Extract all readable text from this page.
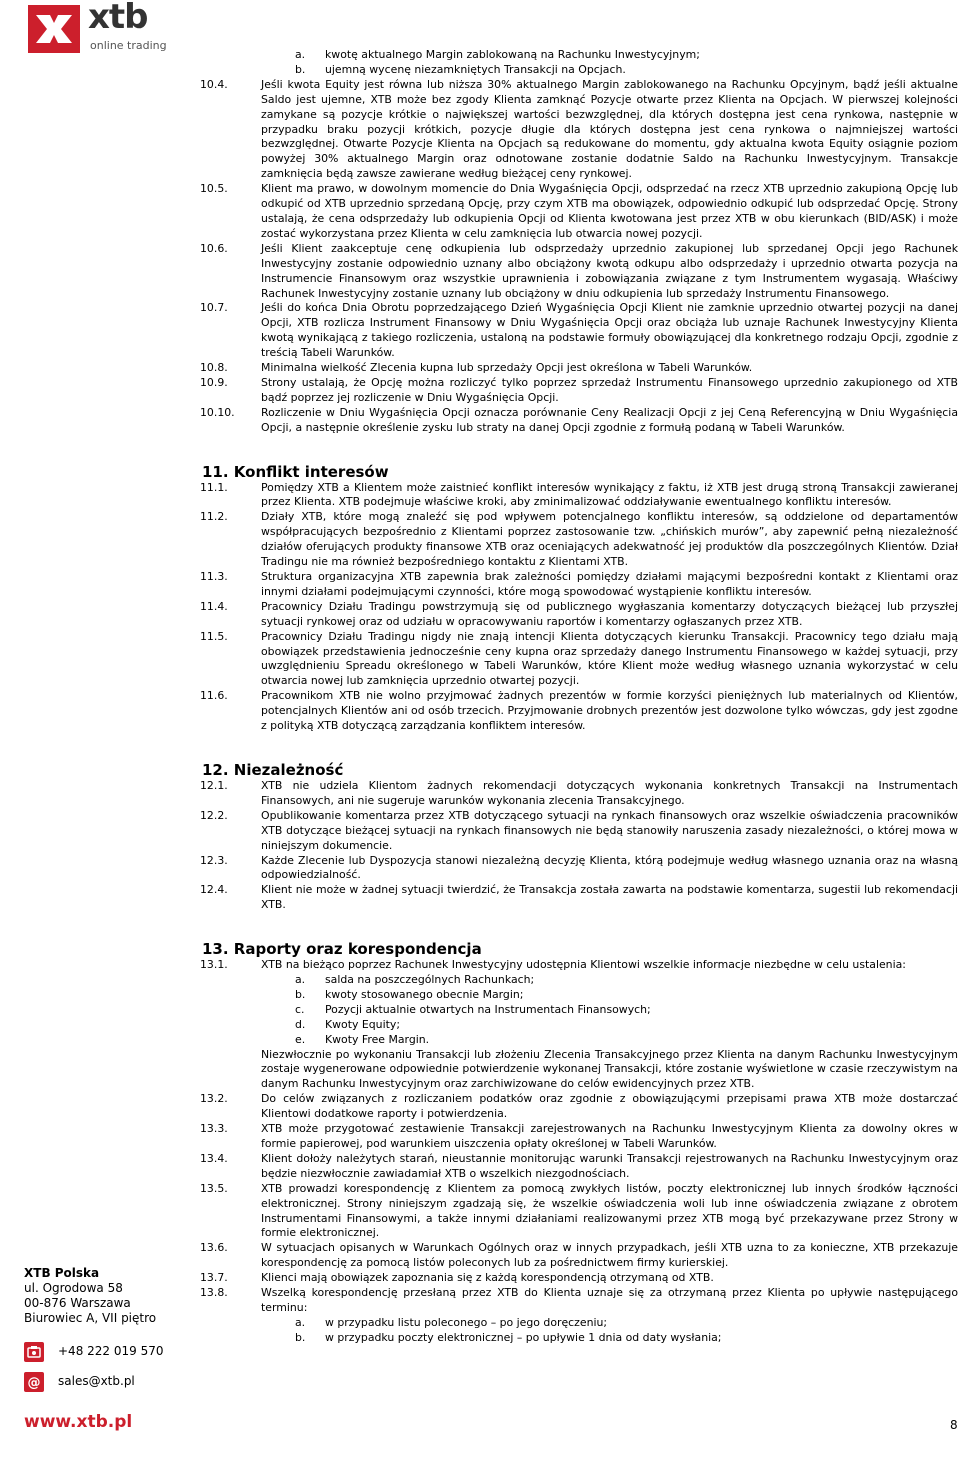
xtb
online trading
a.	kwotę aktualnego Margin zablokowaną na Rachunku Inwestycyjnym;
b.	ujemną wycenę niezamkniętych Transakcji na Opcjach.
10.4.	Jeśli kwota Equity jest równa lub niższa 30% aktualnego Margin zablokowanego na Rachunku Opcyjnym, bądź jeśli aktualne Saldo jest ujemne, XTB może bez zgody Klienta zamknąć Pozycje otwarte przez Klienta na Opcjach. W pierwszej kolejności zamykane są pozycje krótkie o największej wartości bezwzględnej, dla których dostępna jest cena rynkowa, następnie w przypadku braku pozycji krótkich, pozycje długie dla których dostępna jest cena rynkowa o najmniejszej wartości bezwzględnej. Otwarte Pozycje Klienta na Opcjach są redukowane do momentu, gdy aktualna kwota Equity osiągnie poziom powyżej 30% aktualnego Margin oraz odnotowane zostanie dodatnie Saldo na Rachunku Inwestycyjnym. Transakcje zamknięcia będą zawsze zawierane według bieżącej ceny rynkowej.
10.5.	Klient ma prawo, w dowolnym momencie do Dnia Wygaśnięcia Opcji, odsprzedać na rzecz XTB uprzednio zakupioną Opcję lub odkupić od XTB uprzednio sprzedaną Opcję, przy czym XTB ma obowiązek, odpowiednio odkupić lub odsprzedać Opcję. Strony ustalają, że cena odsprzedaży lub odkupienia Opcji od Klienta kwotowana jest przez XTB w obu kierunkach (BID/ASK) i może zostać wykorzystana przez Klienta w celu zamknięcia lub otwarcia nowej pozycji.
10.6.	Jeśli Klient zaakceptuje cenę odkupienia lub odsprzedaży uprzednio zakupionej lub sprzedanej Opcji jego Rachunek Inwestycyjny zostanie odpowiednio uznany albo obciążony kwotą odkupu albo odsprzedaży i uprzednio otwarta pozycja na Instrumencie Finansowym oraz wszystkie uprawnienia i zobowiązania związane z tym Instrumentem wygasają. Właściwy Rachunek Inwestycyjny zostanie uznany lub obciążony w dniu odkupienia lub sprzedaży Instrumentu Finansowego.
10.7.	Jeśli do końca Dnia Obrotu poprzedzającego Dzień Wygaśnięcia Opcji Klient nie zamknie uprzednio otwartej pozycji na danej Opcji, XTB rozlicza Instrument Finansowy w Dniu Wygaśnięcia Opcji oraz obciąża lub uznaje Rachunek Inwestycyjny Klienta kwotą wynikającą z takiego rozliczenia, ustaloną na podstawie formuły obowiązującej dla konkretnego rodzaju Opcji, zgodnie z treścią Tabeli Warunków.
10.8.	Minimalna wielkość Zlecenia kupna lub sprzedaży Opcji jest określona w Tabeli Warunków.
10.9.	Strony ustalają, że Opcję można rozliczyć tylko poprzez sprzedaż Instrumentu Finansowego uprzednio zakupionego od XTB bądź poprzez jej rozliczenie w Dniu Wygaśnięcia Opcji.
10.10.	Rozliczenie w Dniu Wygaśnięcia Opcji oznacza porównanie Ceny Realizacji Opcji z jej Ceną Referencyjną w Dniu Wygaśnięcia Opcji, a następnie określenie zysku lub straty na danej Opcji zgodnie z formułą podaną w Tabeli Warunków.
11. Konflikt interesów
11.1.	Pomiędzy XTB a Klientem może zaistnieć konflikt interesów wynikający z faktu, iż XTB jest drugą stroną Transakcji zawieranej przez Klienta. XTB podejmuje właściwe kroki, aby zminimalizować oddziaływanie ewentualnego konfliktu interesów.
11.2.	Działy XTB, które mogą znaleźć się pod wpływem potencjalnego konfliktu interesów, są oddzielone od departamentów współpracujących bezpośrednio z Klientami poprzez zastosowanie tzw. „chińskich murów”, aby zapewnić pełną niezależność działów oferujących produkty finansowe XTB oraz oceniających adekwatność jej produktów dla poszczególnych Klientów. Dział Tradingu nie ma również bezpośredniego kontaktu z Klientami XTB.
11.3.	Struktura organizacyjna XTB zapewnia brak zależności pomiędzy działami mającymi bezpośredni kontakt z Klientami oraz innymi działami podejmującymi czynności, które mogą spowodować wystąpienie konfliktu interesów.
11.4.	Pracownicy Działu Tradingu powstrzymują się od publicznego wygłaszania komentarzy dotyczących bieżącej lub przyszłej sytuacji rynkowej oraz od udziału w opracowywaniu raportów i komentarzy ogłaszanych przez XTB.
11.5.	Pracownicy Działu Tradingu nigdy nie znają intencji Klienta dotyczących kierunku Transakcji. Pracownicy tego działu mają obowiązek przedstawienia jednocześnie ceny kupna oraz sprzedaży danego Instrumentu Finansowego w każdej sytuacji, przy uwzględnieniu Spreadu określonego w Tabeli Warunków, które Klient może według własnego uznania wykorzystać w celu otwarcia nowej lub zamknięcia uprzednio otwartej pozycji.
11.6.	Pracownikom XTB nie wolno przyjmować żadnych prezentów w formie korzyści pieniężnych lub materialnych od Klientów, potencjalnych Klientów ani od osób trzecich. Przyjmowanie drobnych prezentów jest dozwolone tylko wówczas, gdy jest zgodne z polityką XTB dotyczącą zarządzania konfliktem interesów.
12. Niezależność
12.1.	XTB nie udziela Klientom żadnych rekomendacji dotyczących wykonania konkretnych Transakcji na Instrumentach Finansowych, ani nie sugeruje warunków wykonania zlecenia Transakcyjnego.
12.2.	Opublikowanie komentarza przez XTB dotyczącego sytuacji na rynkach finansowych oraz wszelkie oświadczenia pracowników XTB dotyczące bieżącej sytuacji na rynkach finansowych nie będą stanowiły naruszenia zasady niezależności, o której mowa w niniejszym dokumencie.
12.3.	Każde Zlecenie lub Dyspozycja stanowi niezależną decyzję Klienta, którą podejmuje według własnego uznania oraz na własną odpowiedzialność.
12.4.	Klient nie może w żadnej sytuacji twierdzić, że Transakcja została zawarta na podstawie komentarza, sugestii lub rekomendacji XTB.
13. Raporty oraz korespondencja
13.1.	XTB na bieżąco poprzez Rachunek Inwestycyjny udostępnia Klientowi wszelkie informacje niezbędne w celu ustalenia:
a.	salda na poszczególnych Rachunkach;
b.	kwoty stosowanego obecnie Margin;
c.	Pozycji aktualnie otwartych na Instrumentach Finansowych;
d.	Kwoty Equity;
e.	Kwoty Free Margin.
Niezwłocznie po wykonaniu Transakcji lub złożeniu Zlecenia Transakcyjnego przez Klienta na danym Rachunku Inwestycyjnym zostaje wygenerowane odpowiednie potwierdzenie wykonanej Transakcji, które zostanie wyświetlone w czasie rzeczywistym na danym Rachunku Inwestycyjnym oraz zarchiwizowane do celów ewidencyjnych przez XTB.
13.2.	Do celów związanych z rozliczaniem podatków oraz zgodnie z obowiązującymi przepisami prawa XTB może dostarczać Klientowi dodatkowe raporty i potwierdzenia.
13.3.	XTB może przygotować zestawienie Transakcji zarejestrowanych na Rachunku Inwestycyjnym Klienta za dowolny okres w formie papierowej, pod warunkiem uiszczenia opłaty określonej w Tabeli Warunków.
13.4.	Klient dołoży należytych starań, nieustannie monitorując warunki Transakcji rejestrowanych na Rachunku Inwestycyjnym oraz będzie niezwłocznie zawiadamiał XTB o wszelkich niezgodnościach.
13.5.	XTB prowadzi korespondencję z Klientem za pomocą zwykłych listów, poczty elektronicznej lub innych środków łączności elektronicznej. Strony niniejszym zgadzają się, że wszelkie oświadczenia woli lub inne oświadczenia związane z obrotem Instrumentami Finansowymi, a także innymi działaniami realizowanymi przez XTB mogą być przekazywane przez Strony w formie elektronicznej.
13.6.	W sytuacjach opisanych w Warunkach Ogólnych oraz w innych przypadkach, jeśli XTB uzna to za konieczne, XTB przekazuje korespondencję za pomocą listów poleconych lub za pośrednictwem firmy kurierskiej.
13.7.	Klienci mają obowiązek zapoznania się z każdą korespondencją otrzymaną od XTB.
13.8.	Wszelką korespondencję przesłaną przez XTB do Klienta uznaje się za otrzymaną przez Klienta po upływie następującego terminu:
a.	w przypadku listu poleconego – po jego doręczeniu;
b.	w przypadku poczty elektronicznej – po upływie 1 dnia od daty wysłania;
XTB Polska
ul. Ogrodowa 58
00-876 Warszawa
Biurowiec A, VII piętro
+48 222 019 570
@ sales@xtb.pl
www.xtb.pl	8
